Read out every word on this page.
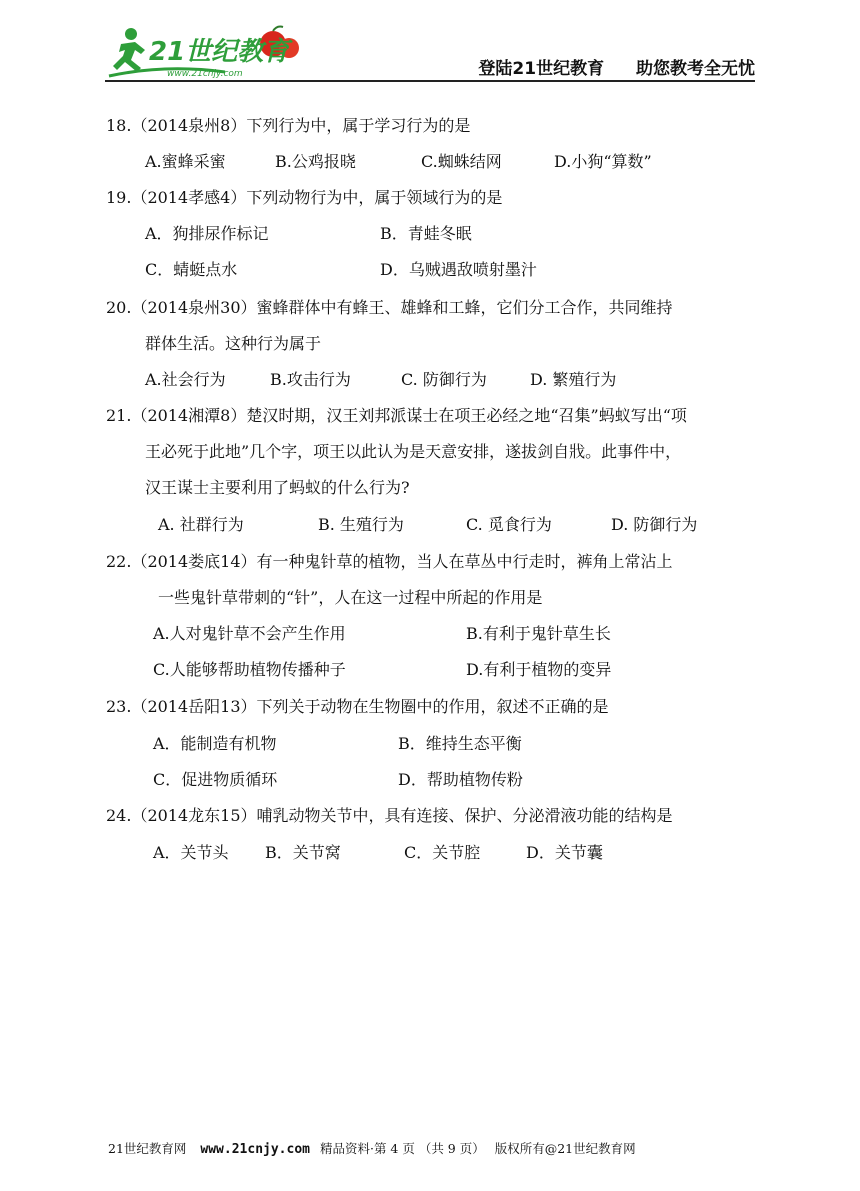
21世纪教育
www.21cnjy.com	登陆21世纪教育 助您教考全无忧
18.（2014泉州8）下列行为中，属于学习行为的是
A.蜜蜂采蜜	B.公鸡报晓	C.蜘蛛结网	D.小狗“算数”
19.（2014孝感4）下列动物行为中，属于领域行为的是
A．狗排尿作标记	B．青蛙冬眠
C．蜻蜓点水	D．乌贼遇敌喷射墨汁
20.（2014泉州30）蜜蜂群体中有蜂王、雄蜂和工蜂，它们分工合作，共同维持
群体生活。这种行为属于
A.社会行为	B.攻击行为	C. 防御行为	D. 繁殖行为
21.（2014湘潭8）楚汉时期，汉王刘邦派谋士在项王必经之地“召集”蚂蚁写出“项
王必死于此地”几个字，项王以此认为是天意安排，遂拔剑自戕。此事件中，
汉王谋士主要利用了蚂蚁的什么行为?
A. 社群行为	B. 生殖行为	C. 觅食行为	D. 防御行为
22.（2014娄底14）有一种鬼针草的植物，当人在草丛中行走时，裤角上常沾上
一些鬼针草带刺的“针”，人在这一过程中所起的作用是
A.人对鬼针草不会产生作用	B.有利于鬼针草生长
C.人能够帮助植物传播种子	D.有利于植物的变异
23.（2014岳阳13）下列关于动物在生物圈中的作用，叙述不正确的是
A．能制造有机物	B．维持生态平衡
C．促进物质循环	D．帮助植物传粉
24.（2014龙东15）哺乳动物关节中，具有连接、保护、分泌滑液功能的结构是
A．关节头 B．关节窝	C．关节腔	D．关节囊
21世纪教育网 www.21cnjy.com 精品资料·第 4 页 （共 9 页） 版权所有@21世纪教育网
